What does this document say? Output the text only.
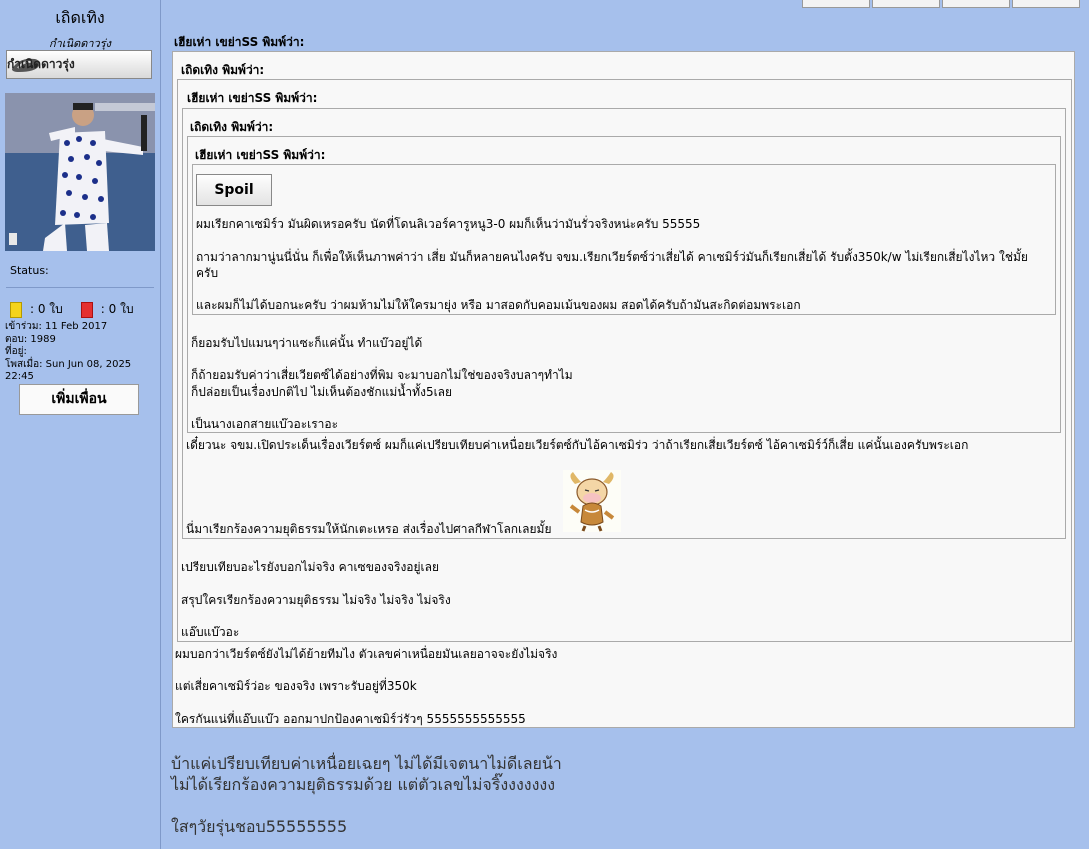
เถิดเทิง
กำเนิดดาวรุ่ง
กำเนิดดาวรุ่ง
Status:
: 0 ใบ	: 0 ใบ
เข้าร่วม: 11 Feb 2017
ตอบ: 1989
ที่อยู่:
โพสเมื่อ: Sun Jun 08, 2025 22:45
เพิ่มเพื่อน
เฮียเห่า เขย่าSS พิมพ์ว่า:
เถิดเทิง พิมพ์ว่า:
เฮียเห่า เขย่าSS พิมพ์ว่า:
เถิดเทิง พิมพ์ว่า:
เฮียเห่า เขย่าSS พิมพ์ว่า:
Spoil
ผมเรียกคาเซมิร์ว มันผิดเหรอครับ นัดที่โดนลิเวอร์คารูหนู3-0 ผมก็เห็นว่ามันรั่วจริงหน่ะครับ 55555
ถามว่าลากมานู่นนี่นั่น ก็เพื่อให้เห็นภาพค่าว่า เสี่ย มันก็หลายคนไงครับ จขม.เรียกเวียร์ตซ์ว่าเสี่ยได้ คาเซมิร์ว่มันก็เรียกเสี่ยได้ รับตั้ง350k/w ไม่เรียกเสี่ยไงไหว ใช่มั้ย
ครับ
และผมก็ไม่ได้บอกนะครับ ว่าผมห้ามไม่ให้ใครมายุ่ง หรือ มาสอดกับคอมเม้นของผม สอดได้ครับถ้ามันสะกิดต่อมพระเอก
ก็ยอมรับไปแมนๆว่าแซะก็แค่นั้น ทำแบ๊วอยู่ได้
ก็ถ้ายอมรับค่าว่าเสี่ยเวียตซ์ได้อย่างที่พิม จะมาบอกไม่ใช่ของจริงบลาๆทำไม
ก็ปล่อยเป็นเรื่องปกติไป ไม่เห็นต้องชักแม่น้ำทั้ง5เลย
เป็นนางเอกสายแบ๊วอะเราอะ
เดี๋ยวนะ จขม.เปิดประเด็นเรื่องเวียร์ตซ์ ผมก็แค่เปรียบเทียบค่าเหนื่อยเวียร์ตซ์กับไอ้คาเซมิร่ว ว่าถ้าเรียกเสี่ยเวียร์ตซ์ ไอ้คาเซมิร์ว์ก็เสี่ย แค่นั้นเองครับพระเอก
นี่มาเรียกร้องความยุติธรรมให้นักเตะเหรอ ส่งเรื่องไปศาลกีฬาโลกเลยมั้ย
เปรียบเทียบอะไรยังบอกไม่จริง คาเซของจริงอยู่เลย
สรุปใครเรียกร้องความยุติธรรม ไม่จริง ไม่จริง ไม่จริง
แอ๊บแบ๊วอะ
ผมบอกว่าเวียร์ตซ์ยังไม่ได้ย้ายทีมไง ตัวเลขค่าเหนื่อยมันเลยอาจจะยังไม่จริง
แต่เสี่ยคาเซมิร์ว่อะ ของจริง เพราะรับอยู่ที่350k
ใครกันแน่ที่แอ๊บแบ๊ว ออกมาปกป้องคาเซมิร์ว่รัวๆ 5555555555555
บ้าแค่เปรียบเทียบค่าเหนื่อยเฉยๆ ไม่ได้มีเจตนาไม่ดีเลยน้า
ไม่ได้เรียกร้องความยุติธรรมด้วย แต่ตัวเลขไม่จริ๊งงงงงงง
ใสๆวัยรุ่นชอบ55555555
